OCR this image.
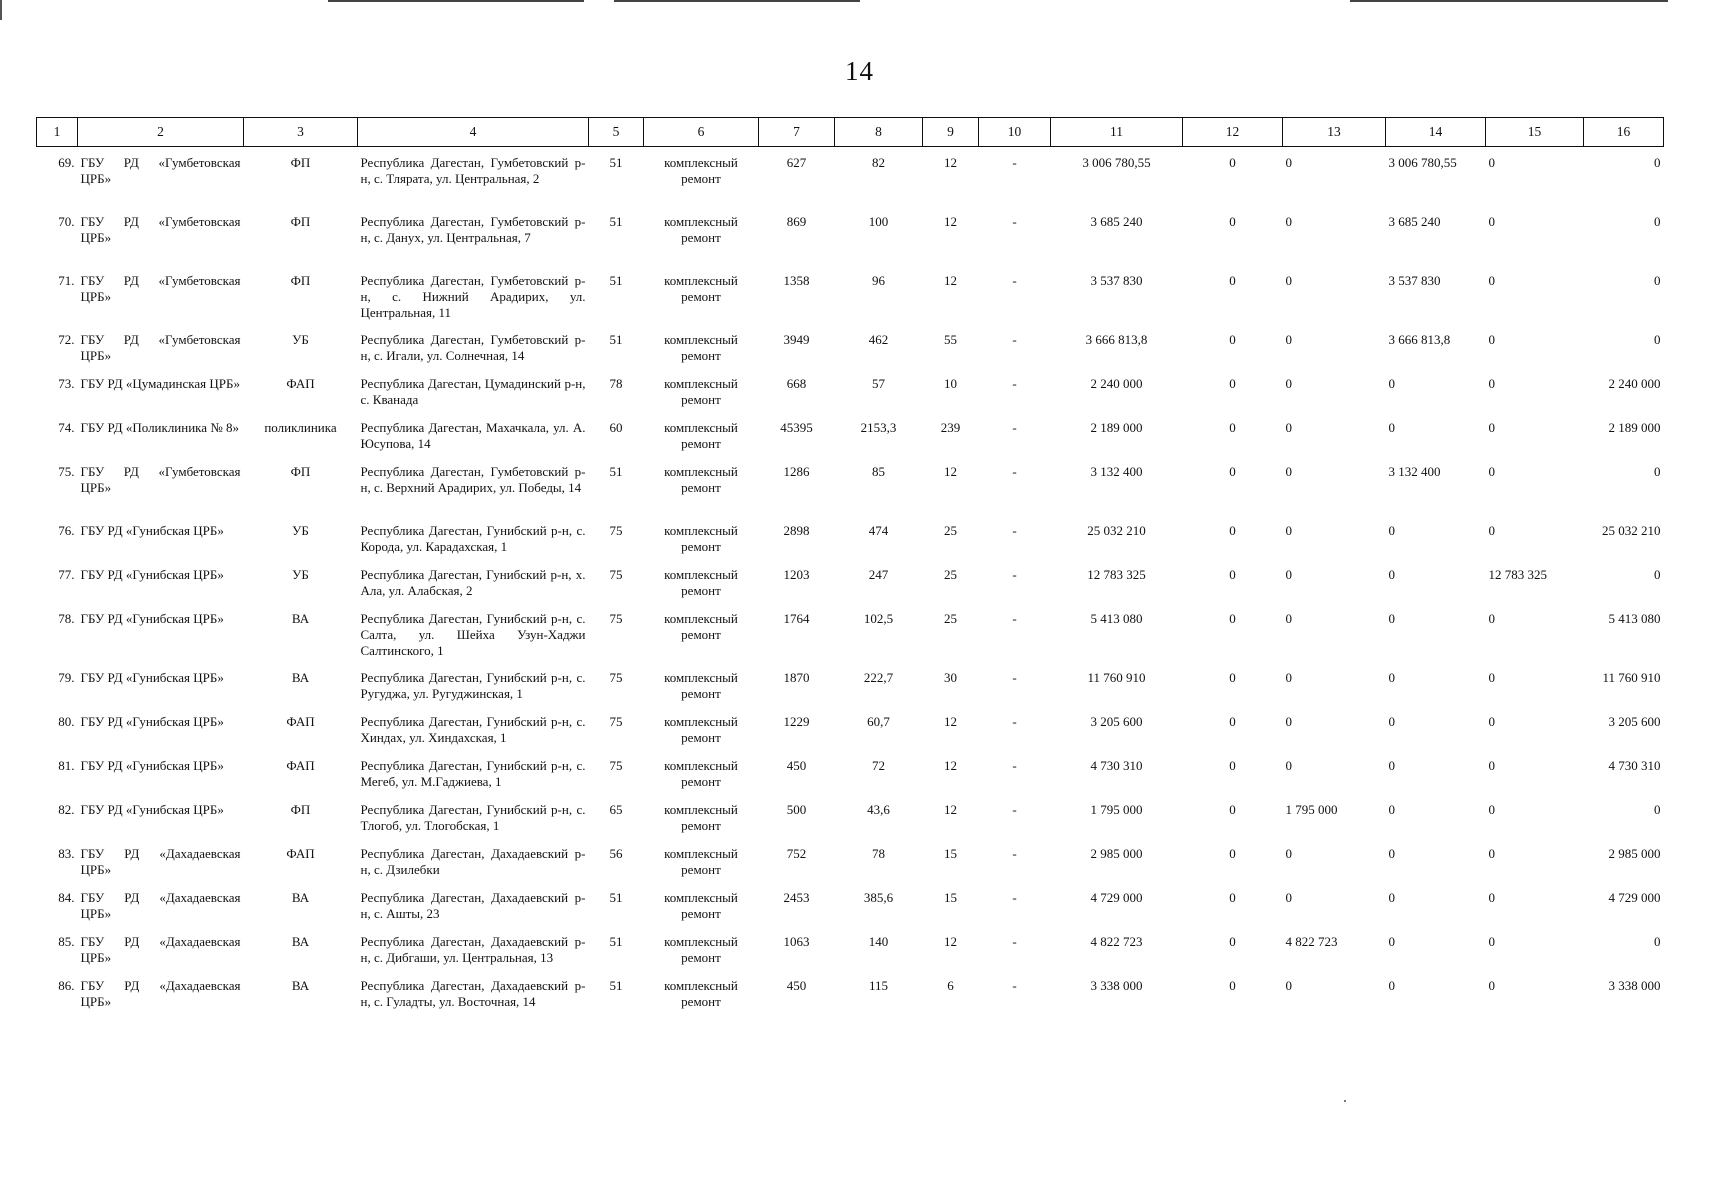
14
1	2	3	4	5	6	7	8	9	10	11	12	13	14	15	16
69.	ГБУ РД «Гумбетовская ЦРБ»	ФП	Республика Дагестан, Гумбетовский р-н, с. Тлярата, ул. Центральная, 2	51	комплексный ремонт	627	82	12	-	3 006 780,55	0	0	3 006 780,55	0	0
70.	ГБУ РД «Гумбетовская ЦРБ»	ФП	Республика Дагестан, Гумбетовский р-н, с. Данух, ул. Центральная, 7	51	комплексный ремонт	869	100	12	-	3 685 240	0	0	3 685 240	0	0
71.	ГБУ РД «Гумбетовская ЦРБ»	ФП	Республика Дагестан, Гумбетовский р-н, с. Нижний Арадирих, ул. Центральная, 11	51	комплексный ремонт	1358	96	12	-	3 537 830	0	0	3 537 830	0	0
72.	ГБУ РД «Гумбетовская ЦРБ»	УБ	Республика Дагестан, Гумбетовский р-н, с. Игали, ул. Солнечная, 14	51	комплексный ремонт	3949	462	55	-	3 666 813,8	0	0	3 666 813,8	0	0
73.	ГБУ РД «Цумадинская ЦРБ»	ФАП	Республика Дагестан, Цумадинский р-н, с. Кванада	78	комплексный ремонт	668	57	10	-	2 240 000	0	0	0	0	2 240 000
74.	ГБУ РД «Поликлиника № 8»	поликлиника	Республика Дагестан, Махачкала, ул. А. Юсупова, 14	60	комплексный ремонт	45395	2153,3	239	-	2 189 000	0	0	0	0	2 189 000
75.	ГБУ РД «Гумбетовская ЦРБ»	ФП	Республика Дагестан, Гумбетовский р-н, с. Верхний Арадирих, ул. Победы, 14	51	комплексный ремонт	1286	85	12	-	3 132 400	0	0	3 132 400	0	0
76.	ГБУ РД «Гунибская ЦРБ»	УБ	Республика Дагестан, Гунибский р-н, с. Корода, ул. Карадахская, 1	75	комплексный ремонт	2898	474	25	-	25 032 210	0	0	0	0	25 032 210
77.	ГБУ РД «Гунибская ЦРБ»	УБ	Республика Дагестан, Гунибский р-н, х. Ала, ул. Алабская, 2	75	комплексный ремонт	1203	247	25	-	12 783 325	0	0	0	12 783 325	0
78.	ГБУ РД «Гунибская ЦРБ»	ВА	Республика Дагестан, Гунибский р-н, с. Салта, ул. Шейха Узун-Хаджи Салтинского, 1	75	комплексный ремонт	1764	102,5	25	-	5 413 080	0	0	0	0	5 413 080
79.	ГБУ РД «Гунибская ЦРБ»	ВА	Республика Дагестан, Гунибский р-н, с. Ругуджа, ул. Ругуджинская, 1	75	комплексный ремонт	1870	222,7	30	-	11 760 910	0	0	0	0	11 760 910
80.	ГБУ РД «Гунибская ЦРБ»	ФАП	Республика Дагестан, Гунибский р-н, с. Хиндах, ул. Хиндахская, 1	75	комплексный ремонт	1229	60,7	12	-	3 205 600	0	0	0	0	3 205 600
81.	ГБУ РД «Гунибская ЦРБ»	ФАП	Республика Дагестан, Гунибский р-н, с. Мегеб, ул. М.Гаджиева, 1	75	комплексный ремонт	450	72	12	-	4 730 310	0	0	0	0	4 730 310
82.	ГБУ РД «Гунибская ЦРБ»	ФП	Республика Дагестан, Гунибский р-н, с. Тлогоб, ул. Тлогобская, 1	65	комплексный ремонт	500	43,6	12	-	1 795 000	0	1 795 000	0	0	0
83.	ГБУ РД «Дахадаевская ЦРБ»	ФАП	Республика Дагестан, Дахадаевский р-н, с. Дзилебки	56	комплексный ремонт	752	78	15	-	2 985 000	0	0	0	0	2 985 000
84.	ГБУ РД «Дахадаевская ЦРБ»	ВА	Республика Дагестан, Дахадаевский р-н, с. Ашты, 23	51	комплексный ремонт	2453	385,6	15	-	4 729 000	0	0	0	0	4 729 000
85.	ГБУ РД «Дахадаевская ЦРБ»	ВА	Республика Дагестан, Дахадаевский р-н, с. Дибгаши, ул. Центральная, 13	51	комплексный ремонт	1063	140	12	-	4 822 723	0	4 822 723	0	0	0
86.	ГБУ РД «Дахадаевская ЦРБ»	ВА	Республика Дагестан, Дахадаевский р-н, с. Гуладты, ул. Восточная, 14	51	комплексный ремонт	450	115	6	-	3 338 000	0	0	0	0	3 338 000
